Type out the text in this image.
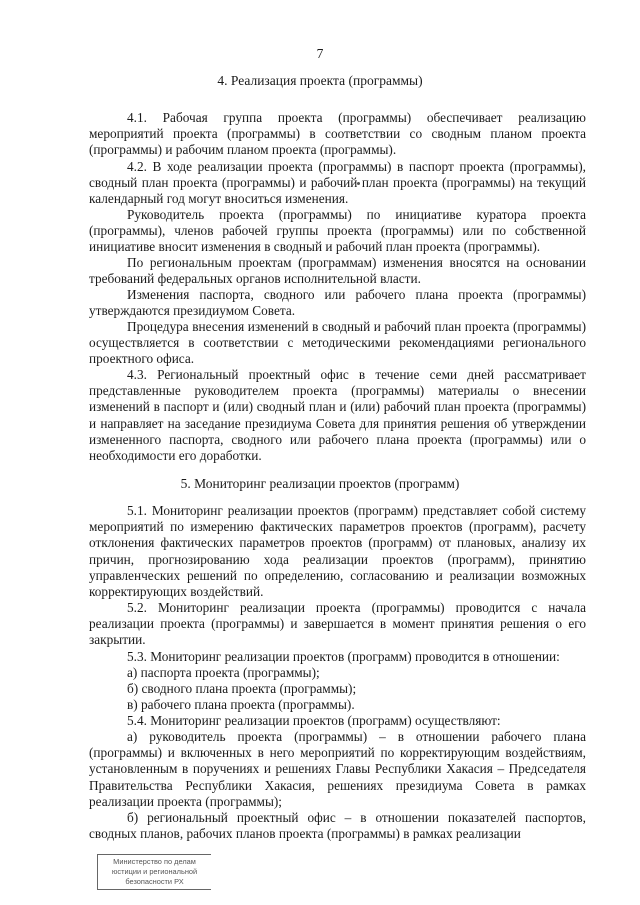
7
4. Реализация проекта (программы)

4.1. Рабочая группа проекта (программы) обеспечивает реализацию мероприятий проекта (программы) в соответствии со сводным планом проекта (программы) и рабочим планом проекта (программы).

4.2. В ходе реализации проекта (программы) в паспорт проекта (программы), сводный план проекта (программы) и рабочий план проекта (программы) на текущий календарный год могут вноситься изменения.

Руководитель проекта (программы) по инициативе куратора проекта (программы), членов рабочей группы проекта (программы) или по собственной инициативе вносит изменения в сводный и рабочий план проекта (программы).

По региональным проектам (программам) изменения вносятся на основании требований федеральных органов исполнительной власти.

Изменения паспорта, сводного или рабочего плана проекта (программы) утверждаются президиумом Совета.

Процедура внесения изменений в сводный и рабочий план проекта (программы) осуществляется в соответствии с методическими рекомендациями регионального проектного офиса.

4.3. Региональный проектный офис в течение семи дней рассматривает представленные руководителем проекта (программы) материалы о внесении изменений в паспорт и (или) сводный план и (или) рабочий план проекта (программы) и направляет на заседание президиума Совета для принятия решения об утверждении измененного паспорта, сводного или рабочего плана проекта (программы) или о необходимости его доработки.

5. Мониторинг реализации проектов (программ)

5.1. Мониторинг реализации проектов (программ) представляет собой систему мероприятий по измерению фактических параметров проектов (программ), расчету отклонения фактических параметров проектов (программ) от плановых, анализу их причин, прогнозированию хода реализации проектов (программ), принятию управленческих решений по определению, согласованию и реализации возможных корректирующих воздействий.

5.2. Мониторинг реализации проекта (программы) проводится с начала реализации проекта (программы) и завершается в момент принятия решения о его закрытии.

5.3. Мониторинг реализации проектов (программ) проводится в отношении:

а) паспорта проекта (программы);

б) сводного плана проекта (программы);

в) рабочего плана проекта (программы).

5.4. Мониторинг реализации проектов (программ) осуществляют:

а) руководитель проекта (программы) – в отношении рабочего плана (программы) и включенных в него мероприятий по корректирующим воздействиям, установленным в поручениях и решениях Главы Республики Хакасия – Председателя Правительства Республики Хакасия, решениях президиума Совета в рамках реализации проекта (программы);

б) региональный проектный офис – в отношении показателей паспортов, сводных планов, рабочих планов проекта (программы) в рамках реализации

Министерство по делам
юстиции и региональной
безопасности РХ
